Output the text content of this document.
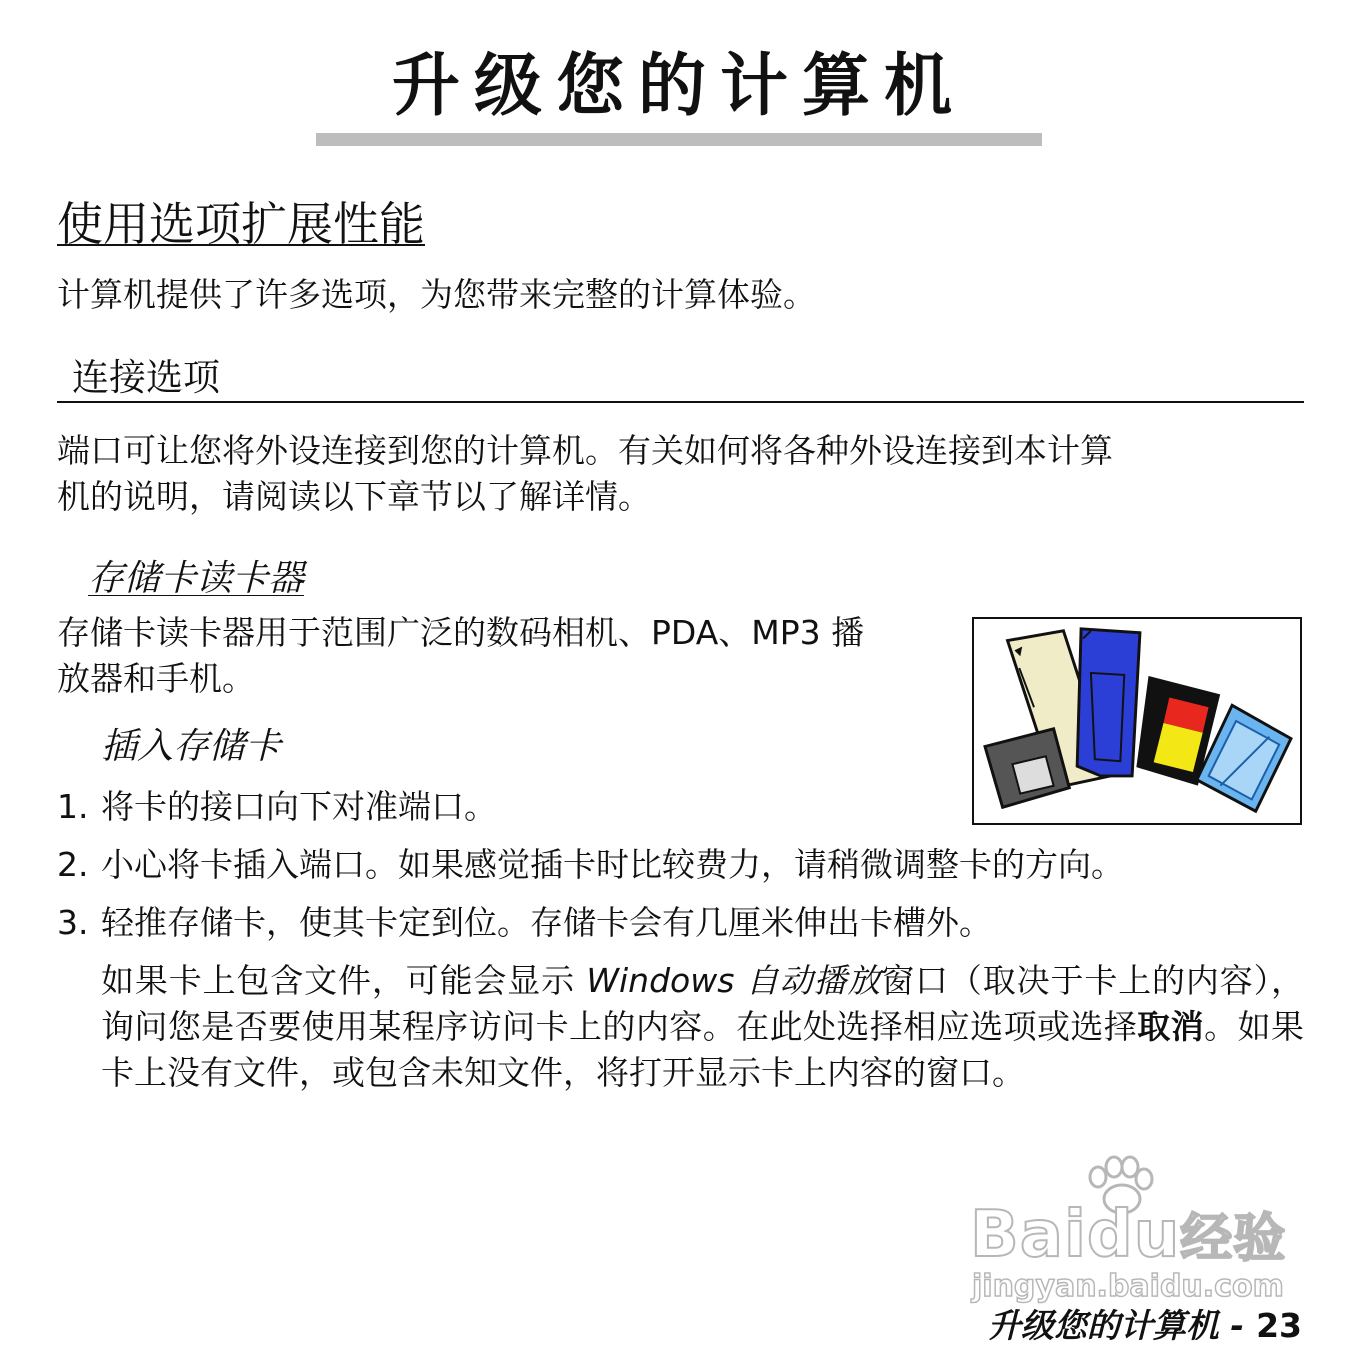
升级您的计算机
使用选项扩展性能

计算机提供了许多选项，为您带来完整的计算体验。

连接选项

端口可让您将外设连接到您的计算机。有关如何将各种外设连接到本计算

机的说明，请阅读以下章节以了解详情。

存储卡读卡器

存储卡读卡器用于范围广泛的数码相机、PDA、MP3 播

放器和手机。

插入存储卡

1. 将卡的接口向下对准端口。

2. 小心将卡插入端口。如果感觉插卡时比较费力，请稍微调整卡的方向。

3. 轻推存储卡，使其卡定到位。存储卡会有几厘米伸出卡槽外。

如果卡上包含文件，可能会显示 Windows 自动播放窗口（取决于卡上的内容），询问您是否要使用某程序访问卡上的内容。在此处选择相应选项或选择取消。如果卡上没有文件，或包含未知文件，将打开显示卡上内容的窗口。

Baidu经验
jingyan.baidu.com

升级您的计算机 - 23
